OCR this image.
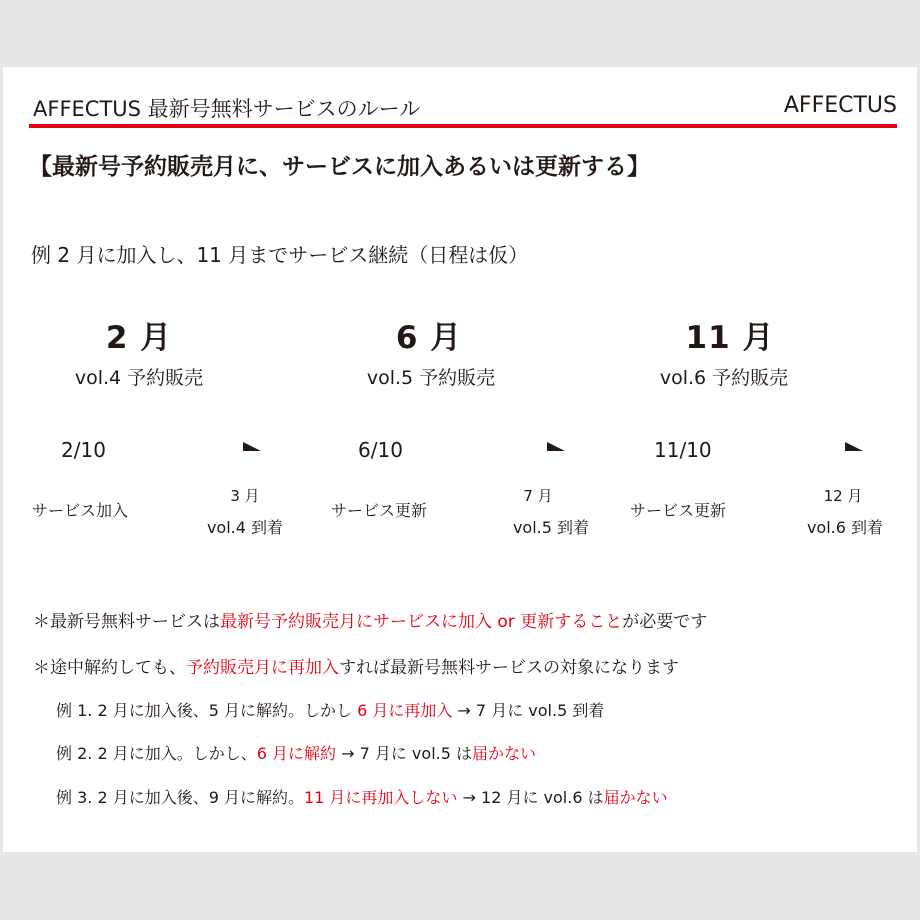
AFFECTUS 最新号無料サービスのルール	AFFECTUS
【最新号予約販売月に、サービスに加入あるいは更新する】
例 2 月に加入し、11 月までサービス継続（日程は仮）
2 月
vol.4 予約販売
2/10
サービス加入
3 月
vol.4 到着
6 月
vol.5 予約販売
6/10
サービス更新
7 月
vol.5 到着
11 月
vol.6 予約販売
11/10
サービス更新
12 月
vol.6 到着
＊最新号無料サービスは最新号予約販売月にサービスに加入 or 更新することが必要です
＊途中解約しても、予約販売月に再加入すれば最新号無料サービスの対象になります
例 1. 2 月に加入後、5 月に解約。しかし 6 月に再加入 → 7 月に vol.5 到着
例 2. 2 月に加入。しかし、6 月に解約 → 7 月に vol.5 は届かない
例 3. 2 月に加入後、9 月に解約。11 月に再加入しない → 12 月に vol.6 は届かない
